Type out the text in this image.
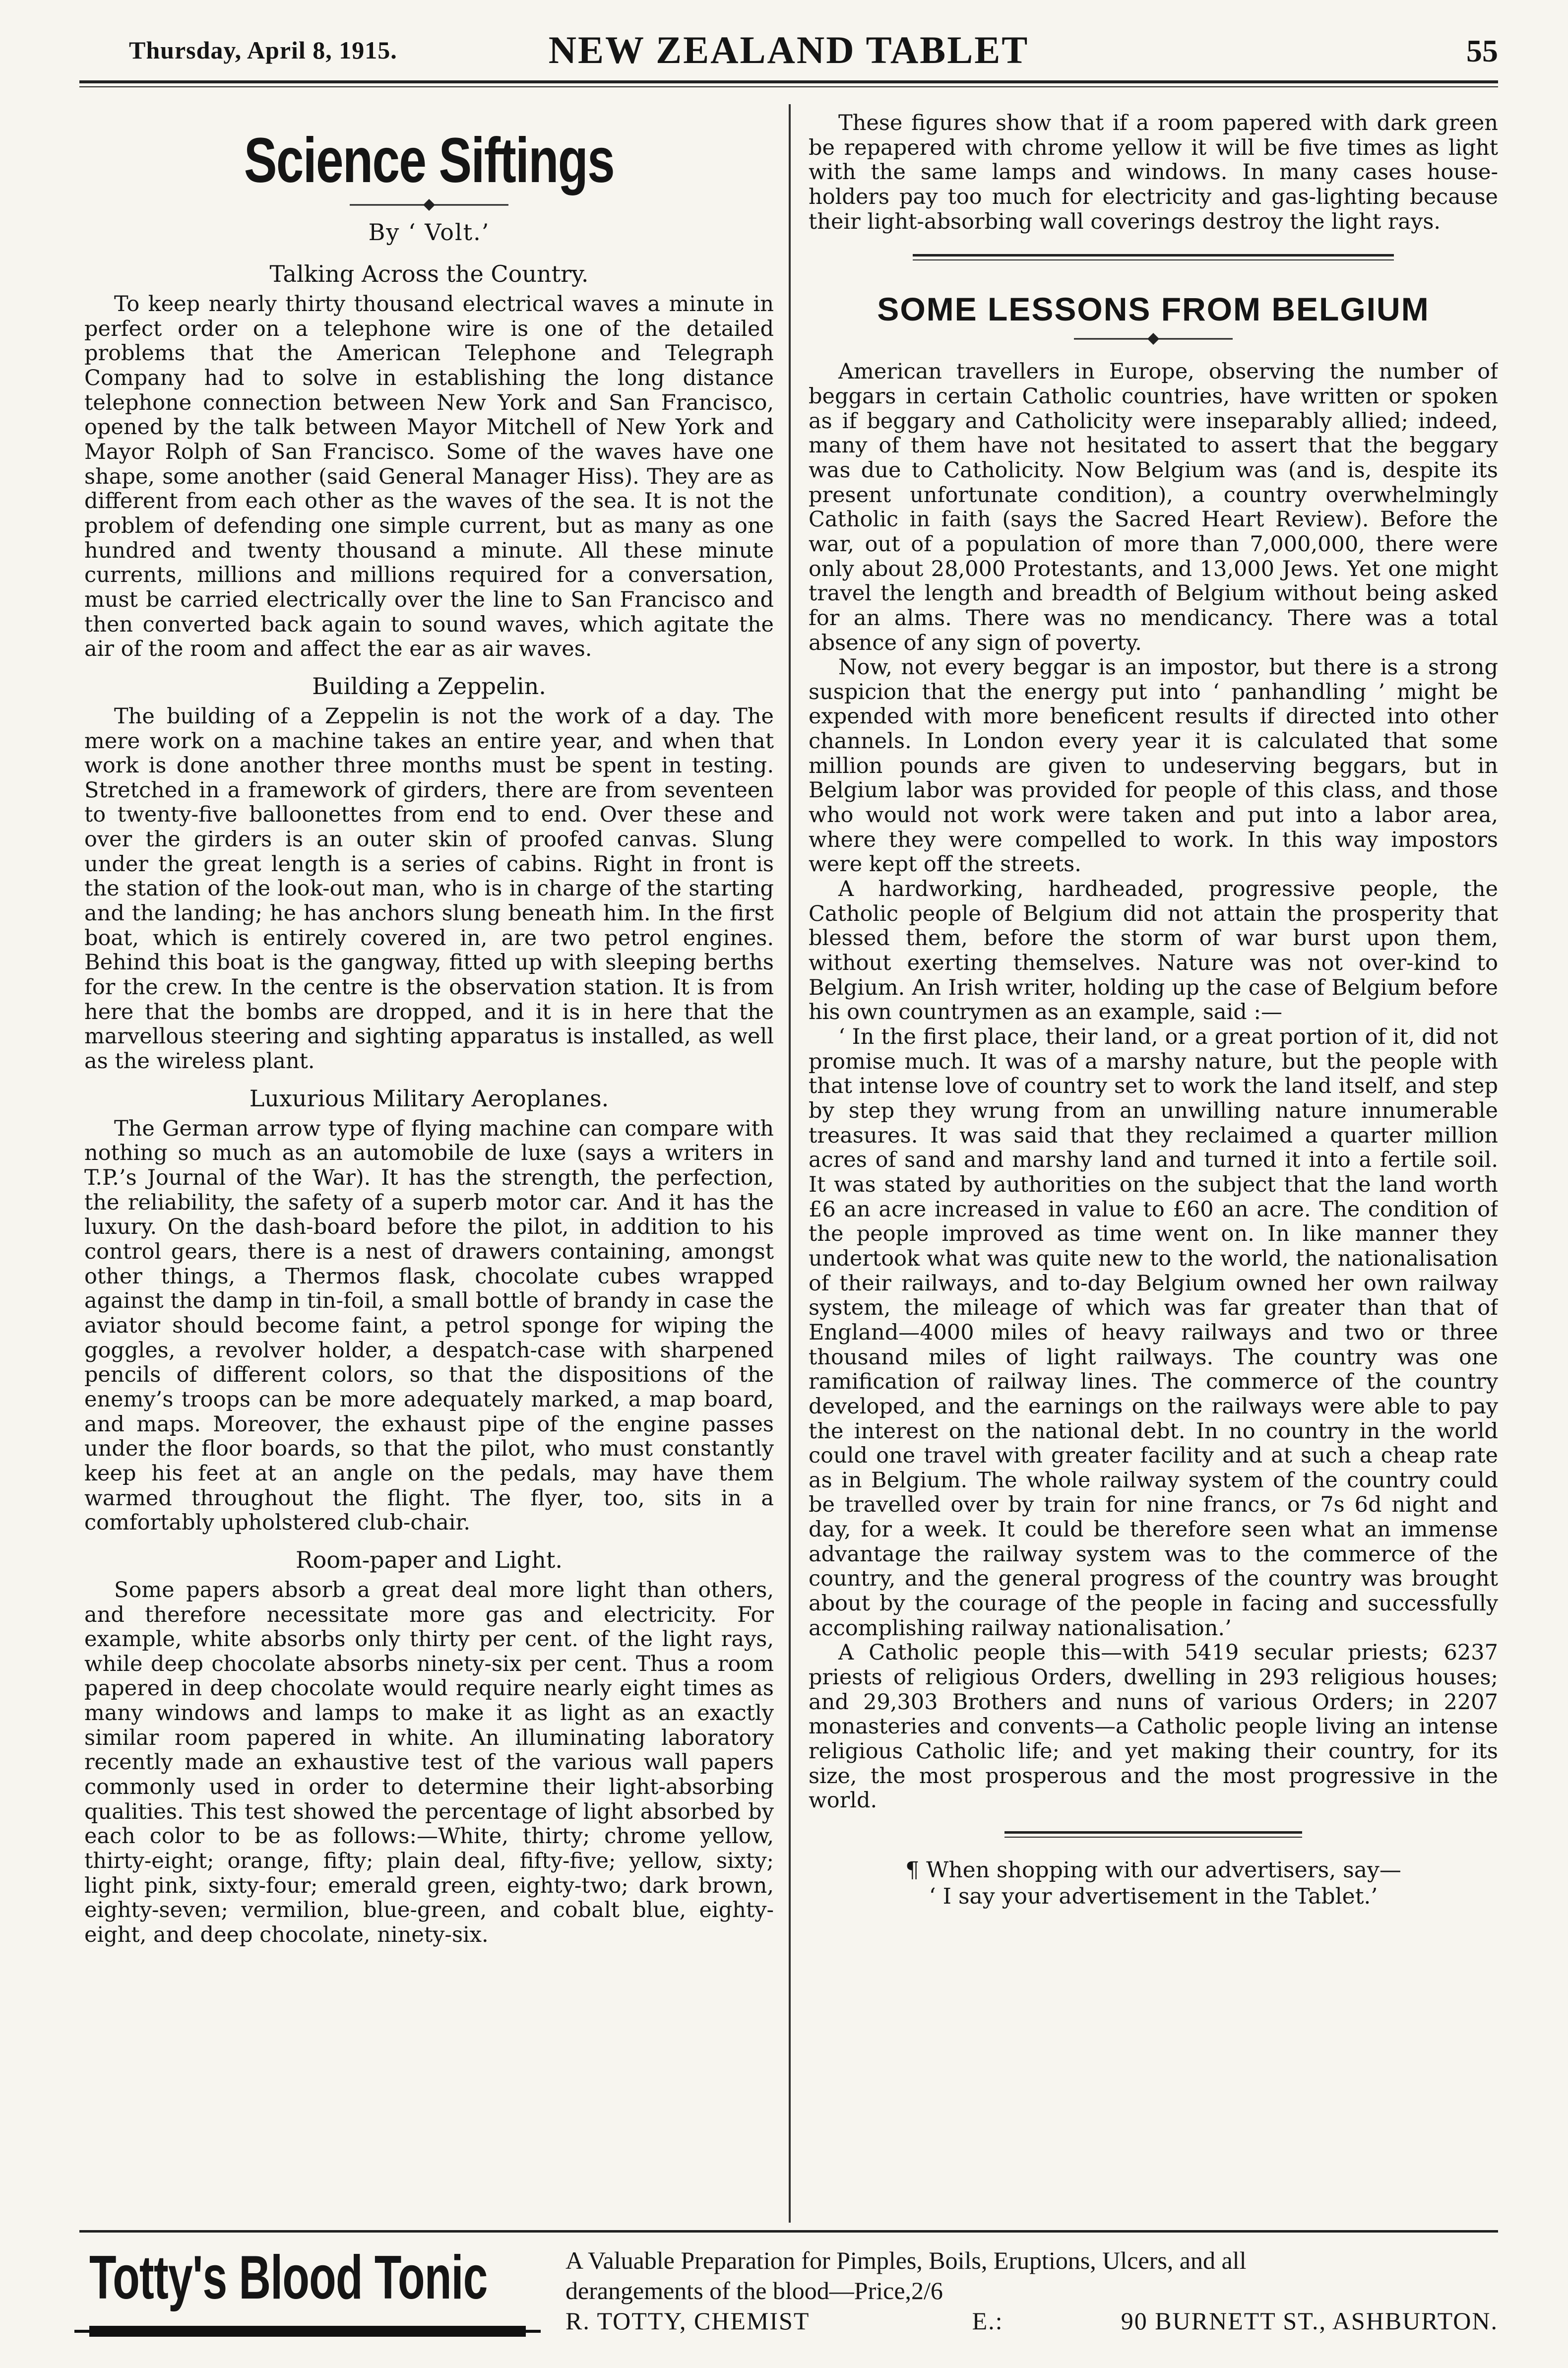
Thursday, April 8, 1915.	NEW ZEALAND TABLET	55
Science Siftings
By ‘ Volt.’
Talking Across the Country.

To keep nearly thirty thousand electrical waves a minute in perfect order on a telephone wire is one of the detailed problems that the American Telephone and Telegraph Company had to solve in establishing the long distance telephone connection between New York and San Francisco, opened by the talk between Mayor Mitchell of New York and Mayor Rolph of San Francisco. Some of the waves have one shape, some another (said General Manager Hiss). They are as different from each other as the waves of the sea. It is not the problem of defending one simple current, but as many as one hundred and twenty thousand a minute. All these minute currents, millions and millions required for a conversation, must be carried electrically over the line to San Francisco and then converted back again to sound waves, which agitate the air of the room and affect the ear as air waves.

Building a Zeppelin.

The building of a Zeppelin is not the work of a day. The mere work on a machine takes an entire year, and when that work is done another three months must be spent in testing. Stretched in a framework of girders, there are from seventeen to twenty-five balloonettes from end to end. Over these and over the girders is an outer skin of proofed canvas. Slung under the great length is a series of cabins. Right in front is the station of the look-out man, who is in charge of the starting and the landing; he has anchors slung beneath him. In the first boat, which is entirely covered in, are two petrol engines. Behind this boat is the gangway, fitted up with sleeping berths for the crew. In the centre is the observation station. It is from here that the bombs are dropped, and it is in here that the marvellous steering and sighting apparatus is installed, as well as the wireless plant.

Luxurious Military Aeroplanes.

The German arrow type of flying machine can compare with nothing so much as an automobile de luxe (says a writers in T.P.’s Journal of the War). It has the strength, the perfection, the reliability, the safety of a superb motor car. And it has the luxury. On the dash-board before the pilot, in addition to his control gears, there is a nest of drawers containing, amongst other things, a Thermos flask, chocolate cubes wrapped against the damp in tin-foil, a small bottle of brandy in case the aviator should become faint, a petrol sponge for wiping the goggles, a revolver holder, a despatch-case with sharpened pencils of different colors, so that the dispositions of the enemy’s troops can be more adequately marked, a map board, and maps. Moreover, the exhaust pipe of the engine passes under the floor boards, so that the pilot, who must constantly keep his feet at an angle on the pedals, may have them warmed throughout the flight. The flyer, too, sits in a comfortably upholstered club-chair.

Room-paper and Light.

Some papers absorb a great deal more light than others, and therefore necessitate more gas and electricity. For example, white absorbs only thirty per cent. of the light rays, while deep chocolate absorbs ninety-six per cent. Thus a room papered in deep chocolate would require nearly eight times as many windows and lamps to make it as light as an exactly similar room papered in white. An illuminating laboratory recently made an exhaustive test of the various wall papers commonly used in order to determine their light-absorbing qualities. This test showed the percentage of light absorbed by each color to be as follows:—White, thirty; chrome yellow, thirty-eight; orange, fifty; plain deal, fifty-five; yellow, sixty; light pink, sixty-four; emerald green, eighty-two; dark brown, eighty-seven; vermilion, blue-green, and cobalt blue, eighty-eight, and deep chocolate, ninety-six.

These figures show that if a room papered with dark green be repapered with chrome yellow it will be five times as light with the same lamps and windows. In many cases house-holders pay too much for electricity and gas-lighting because their light-absorbing wall coverings destroy the light rays.

SOME LESSONS FROM BELGIUM

American travellers in Europe, observing the number of beggars in certain Catholic countries, have written or spoken as if beggary and Catholicity were inseparably allied; indeed, many of them have not hesitated to assert that the beggary was due to Catholicity. Now Belgium was (and is, despite its present unfortunate condition), a country overwhelmingly Catholic in faith (says the Sacred Heart Review). Before the war, out of a population of more than 7,000,000, there were only about 28,000 Protestants, and 13,000 Jews. Yet one might travel the length and breadth of Belgium without being asked for an alms. There was no mendicancy. There was a total absence of any sign of poverty.

Now, not every beggar is an impostor, but there is a strong suspicion that the energy put into ‘ panhandling ’ might be expended with more beneficent results if directed into other channels. In London every year it is calculated that some million pounds are given to undeserving beggars, but in Belgium labor was provided for people of this class, and those who would not work were taken and put into a labor area, where they were compelled to work. In this way impostors were kept off the streets.

A hardworking, hardheaded, progressive people, the Catholic people of Belgium did not attain the prosperity that blessed them, before the storm of war burst upon them, without exerting themselves. Nature was not over-kind to Belgium. An Irish writer, holding up the case of Belgium before his own countrymen as an example, said :—

‘ In the first place, their land, or a great portion of it, did not promise much. It was of a marshy nature, but the people with that intense love of country set to work the land itself, and step by step they wrung from an unwilling nature innumerable treasures. It was said that they reclaimed a quarter million acres of sand and marshy land and turned it into a fertile soil. It was stated by authorities on the subject that the land worth £6 an acre increased in value to £60 an acre. The condition of the people improved as time went on. In like manner they undertook what was quite new to the world, the nationalisation of their railways, and to-day Belgium owned her own railway system, the mileage of which was far greater than that of England—4000 miles of heavy railways and two or three thousand miles of light railways. The country was one ramification of railway lines. The commerce of the country developed, and the earnings on the railways were able to pay the interest on the national debt. In no country in the world could one travel with greater facility and at such a cheap rate as in Belgium. The whole railway system of the country could be travelled over by train for nine francs, or 7s 6d night and day, for a week. It could be therefore seen what an immense advantage the railway system was to the commerce of the country, and the general progress of the country was brought about by the courage of the people in facing and successfully accomplishing railway nationalisation.’

A Catholic people this—with 5419 secular priests; 6237 priests of religious Orders, dwelling in 293 religious houses; and 29,303 Brothers and nuns of various Orders; in 2207 monasteries and convents—a Catholic people living an intense religious Catholic life; and yet making their country, for its size, the most prosperous and the most progressive in the world.

¶ When shopping with our advertisers, say—
‘ I say your advertisement in the Tablet.’
Totty's Blood Tonic	A Valuable Preparation for Pimples, Boils, Eruptions, Ulcers, and all
derangements of the blood—Price,2/6
R. TOTTY, CHEMIST	E.:	90 BURNETT ST., ASHBURTON.
